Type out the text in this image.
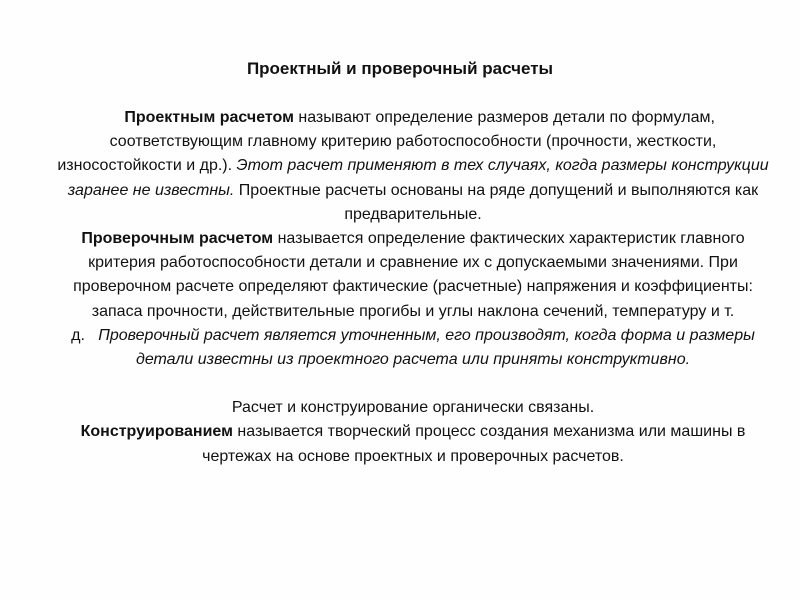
Проектный и проверочный расчеты

Проектным расчетом называют определение размеров детали по формулам, соответствующим главному критерию работоспособности (прочности, жесткости, износостойкости и др.). Этот расчет применяют в тех случаях, когда размеры конструкции заранее не известны. Проектные расчеты основаны на ряде допущений и выполняются как предварительные.

Проверочным расчетом называется определение фактических характеристик главного критерия работоспособности детали и сравнение их с допускаемыми значениями. При проверочном расчете определяют фактические (расчетные) напряжения и коэффициенты: запаса прочности, действительные прогибы и углы наклона сечений, температуру и т. д. Проверочный расчет является уточненным, его производят, когда форма и размеры детали известны из проектного расчета или приняты конструктивно.

Расчет и конструирование органически связаны.

Конструированием называется творческий процесс создания механизма или машины в чертежах на основе проектных и проверочных расчетов.
